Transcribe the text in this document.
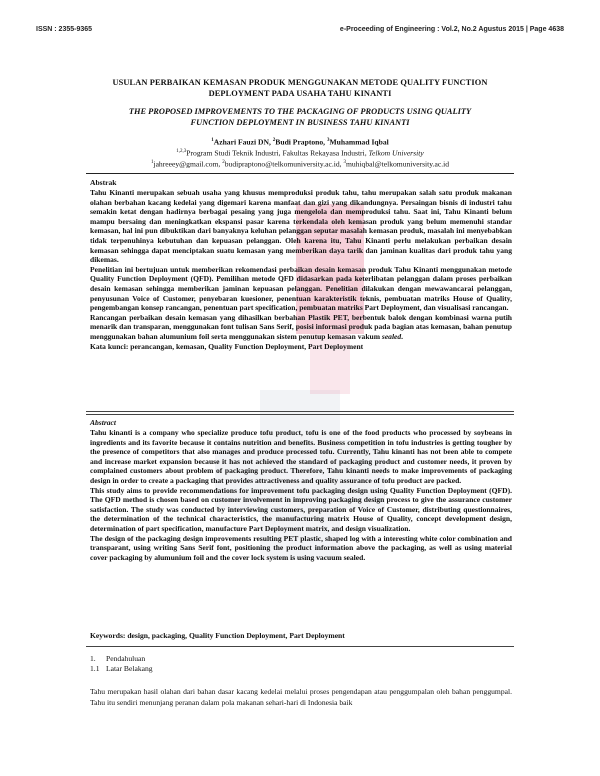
ISSN : 2355-9365	e-Proceeding of Engineering : Vol.2, No.2 Agustus 2015 | Page 4638
USULAN PERBAIKAN KEMASAN PRODUK MENGGUNAKAN METODE QUALITY FUNCTION
DEPLOYMENT PADA USAHA TAHU KINANTI
THE PROPOSED IMPROVEMENTS TO THE PACKAGING OF PRODUCTS USING QUALITY
FUNCTION DEPLOYMENT IN BUSINESS TAHU KINANTI
$^1$Azhari Fauzi DN, $^2$Budi Praptono, $^3$Muhammad Iqbal
$^{1,2,3}$Program Studi Teknik Industri, Fakultas Rekayasa Industri, Telkom University
$^1$jahreeey@gmail.com, $^2$budipraptono@telkomuniversity.ac.id, $^3$muhiqbal@telkomuniversity.ac.id
Abstrak

Tahu Kinanti merupakan sebuah usaha yang khusus memproduksi produk tahu, tahu merupakan salah satu produk makanan olahan berbahan kacang kedelai yang digemari karena manfaat dan gizi yang dikandungnya. Persaingan bisnis di industri tahu semakin ketat dengan hadirnya berbagai pesaing yang juga mengelola dan memproduksi tahu. Saat ini, Tahu Kinanti belum mampu bersaing dan meningkatkan ekspansi pasar karena terkendala oleh kemasan produk yang belum memenuhi standar kemasan, hal ini pun dibuktikan dari banyaknya keluhan pelanggan seputar masalah kemasan produk, masalah ini menyebabkan tidak terpenuhinya kebutuhan dan kepuasan pelanggan. Oleh karena itu, Tahu Kinanti perlu melakukan perbaikan desain kemasan sehingga dapat menciptakan suatu kemasan yang memberikan daya tarik dan jaminan kualitas dari produk tahu yang dikemas.

Penelitian ini bertujuan untuk memberikan rekomendasi perbaikan desain kemasan produk Tahu Kinanti menggunakan metode Quality Function Deployment (QFD). Pemilihan metode QFD didasarkan pada keterlibatan pelanggan dalam proses perbaikan desain kemasan sehingga memberikan jaminan kepuasan pelanggan. Penelitian dilakukan dengan mewawancarai pelanggan, penyusunan Voice of Customer, penyebaran kuesioner, penentuan karakteristik teknis, pembuatan matriks House of Quality, pengembangan konsep rancangan, penentuan part specification, pembuatan matriks Part Deployment, dan visualisasi rancangan.

Rancangan perbaikan desain kemasan yang dihasilkan berbahan Plastik PET, berbentuk balok dengan kombinasi warna putih menarik dan transparan, menggunakan font tulisan Sans Serif, posisi informasi produk pada bagian atas kemasan, bahan penutup menggunakan bahan alumunium foil serta menggunakan sistem penutup kemasan vakum sealed.

Kata kunci: perancangan, kemasan, Quality Function Deployment, Part Deployment

Abstract

Tahu kinanti is a company who specialize produce tofu product, tofu is one of the food products who processed by soybeans in ingredients and its favorite because it contains nutrition and benefits. Business competition in tofu industries is getting tougher by the presence of competitors that also manages and produce processed tofu. Currently, Tahu kinanti has not been able to compete and increase market expansion because it has not achieved the standard of packaging product and customer needs, it proven by complained customers about problem of packaging product. Therefore, Tahu kinanti needs to make improvements of packaging design in order to create a packaging that provides attractiveness and quality assurance of tofu product are packed.

This study aims to provide recommendations for improvement tofu packaging design using Quality Function Deployment (QFD). The QFD method is chosen based on customer involvement in improving packaging design process to give the assurance customer satisfaction. The study was conducted by interviewing customers, preparation of Voice of Customer, distributing questionnaires, the determination of the technical characteristics, the manufacturing matrix House of Quality, concept development design, determination of part specification, manufacture Part Deployment matrix, and design visualization.

The design of the packaging design improvements resulting PET plastic, shaped log with a interesting white color combination and transparant, using writing Sans Serif font, positioning the product information above the packaging, as well as using material cover packaging by alumunium foil and the cover lock system is using vacuum sealed.

Keywords: design, packaging, Quality Function Deployment, Part Deployment
1. Pendahuluan
1.1 Latar Belakang
Tahu merupakan hasil olahan dari bahan dasar kacang kedelai melalui proses pengendapan atau penggumpalan oleh bahan penggumpal. Tahu itu sendiri menunjang peranan dalam pola makanan sehari-hari di Indonesia baik
